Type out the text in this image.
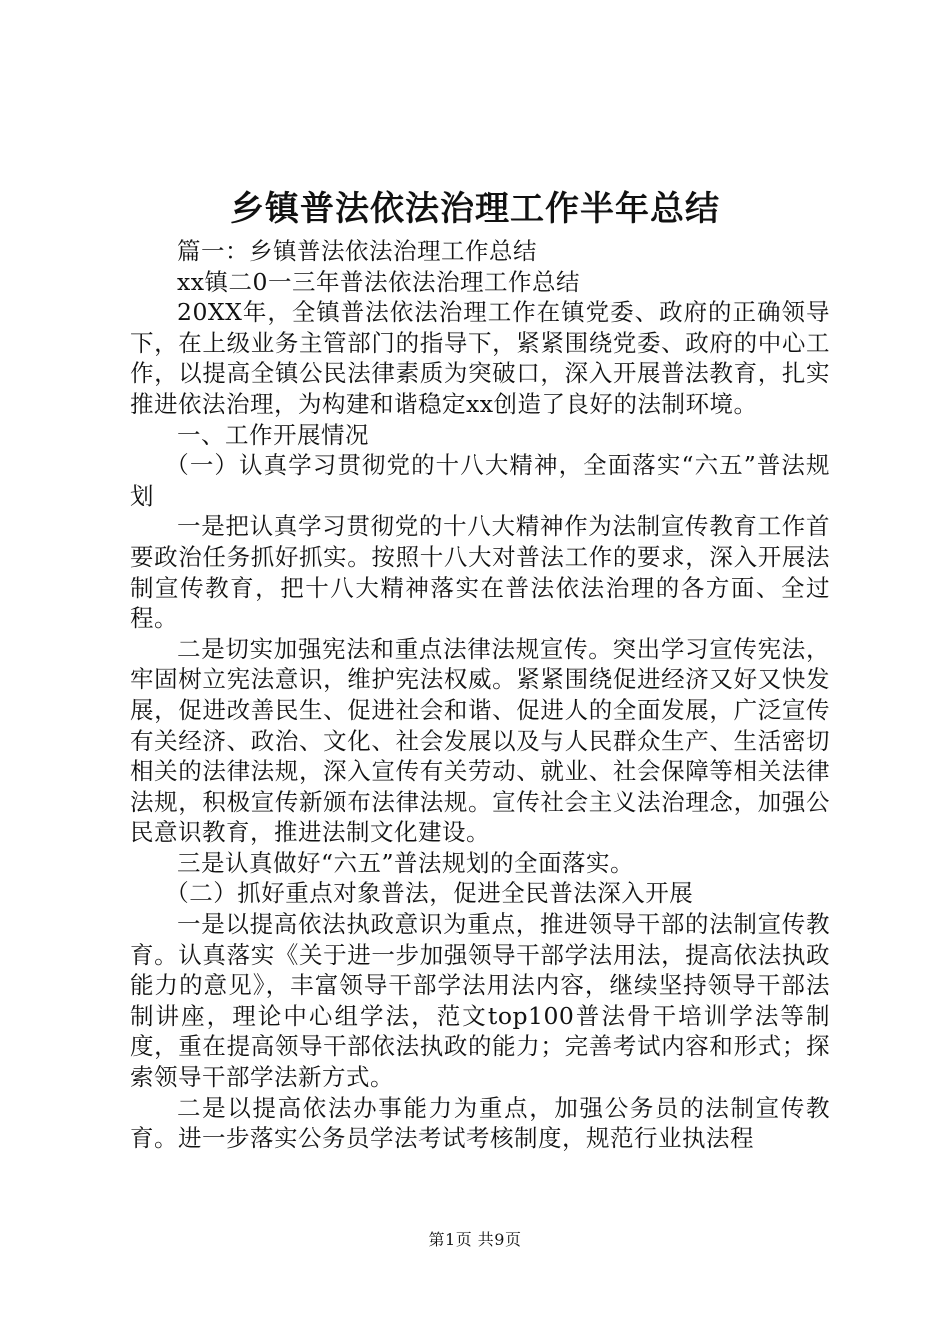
乡镇普法依法治理工作半年总结

篇一：乡镇普法依法治理工作总结

xx镇二0一三年普法依法治理工作总结

20XX年，全镇普法依法治理工作在镇党委、政府的正确领导下，在上级业务主管部门的指导下，紧紧围绕党委、政府的中心工作，以提高全镇公民法律素质为突破口，深入开展普法教育，扎实推进依法治理，为构建和谐稳定xx创造了良好的法制环境。

一、工作开展情况

（一）认真学习贯彻党的十八大精神，全面落实“六五”普法规划

一是把认真学习贯彻党的十八大精神作为法制宣传教育工作首要政治任务抓好抓实。按照十八大对普法工作的要求，深入开展法制宣传教育，把十八大精神落实在普法依法治理的各方面、全过程。

二是切实加强宪法和重点法律法规宣传。突出学习宣传宪法，牢固树立宪法意识，维护宪法权威。紧紧围绕促进经济又好又快发展，促进改善民生、促进社会和谐、促进人的全面发展，广泛宣传有关经济、政治、文化、社会发展以及与人民群众生产、生活密切相关的法律法规，深入宣传有关劳动、就业、社会保障等相关法律法规，积极宣传新颁布法律法规。宣传社会主义法治理念，加强公民意识教育，推进法制文化建设。

三是认真做好“六五”普法规划的全面落实。

（二）抓好重点对象普法，促进全民普法深入开展

一是以提高依法执政意识为重点，推进领导干部的法制宣传教育。认真落实《关于进一步加强领导干部学法用法，提高依法执政能力的意见》，丰富领导干部学法用法内容，继续坚持领导干部法制讲座，理论中心组学法，范文top100普法骨干培训学法等制度，重在提高领导干部依法执政的能力；完善考试内容和形式；探索领导干部学法新方式。

二是以提高依法办事能力为重点，加强公务员的法制宣传教育。进一步落实公务员学法考试考核制度，规范行业执法程

第1页 共9页
